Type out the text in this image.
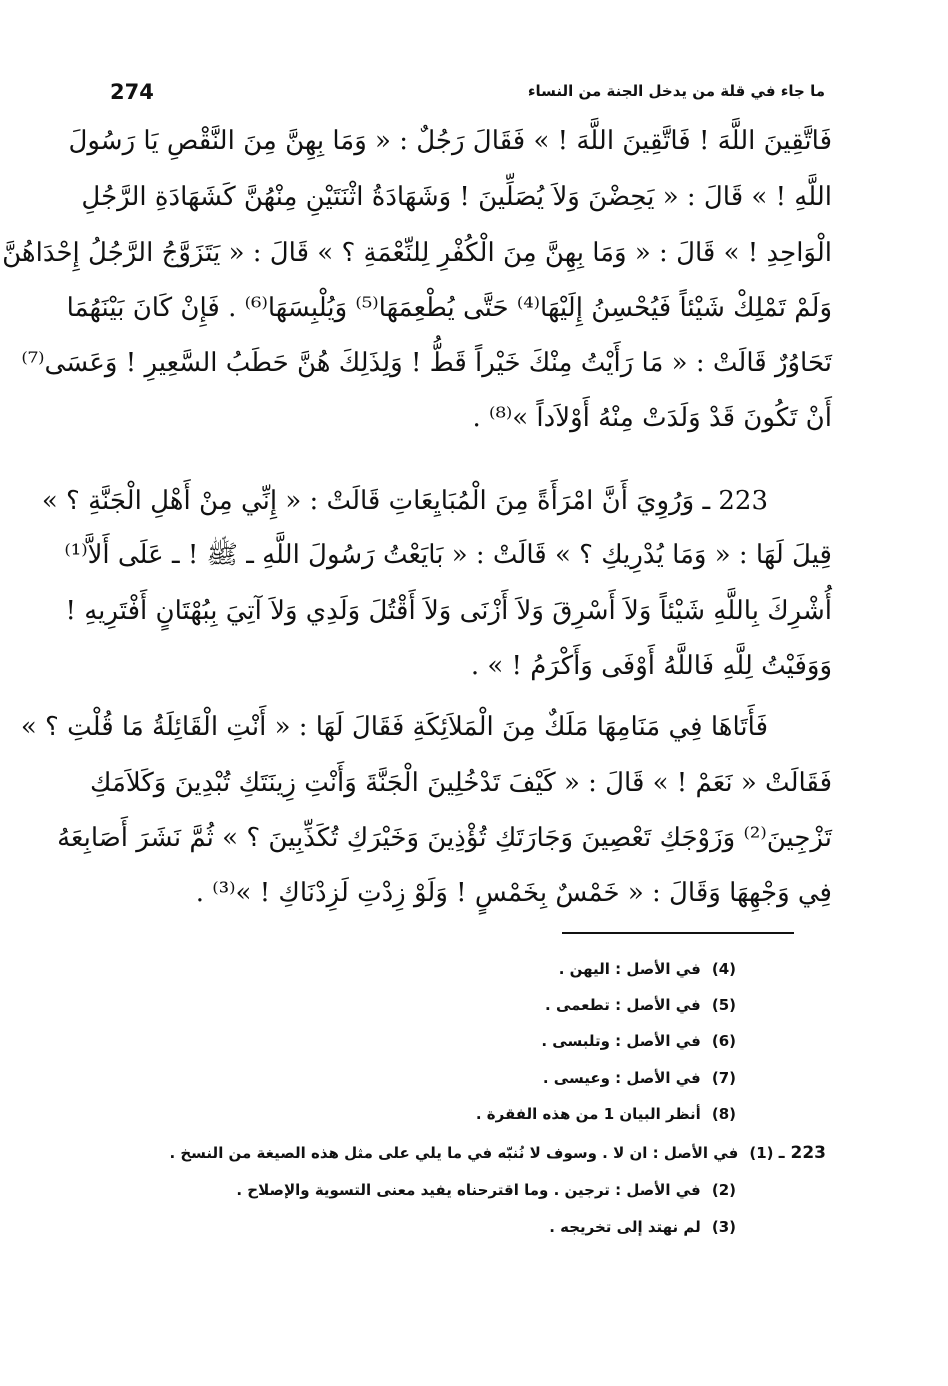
274	ما جاء في قلة من يدخل الجنة من النساء
فَاتَّقِينَ اللَّهَ ! فَاتَّقِينَ اللَّهَ ! » فَقَالَ رَجُلٌ : « وَمَا بِهِنَّ مِنَ النَّقْصِ يَا رَسُولَ
اللَّهِ ! » قَالَ : « يَحِضْنَ وَلاَ يُصَلِّينَ ! وَشَهَادَةُ اثْنَتَيْنِ مِنْهُنَّ كَشَهَادَةِ الرَّجُلِ
الْوَاحِدِ ! » قَالَ : « وَمَا بِهِنَّ مِنَ الْكُفْرِ لِلنِّعْمَةِ ؟ » قَالَ : « يَتَزَوَّجُ الرَّجُلُ إِحْدَاهُنَّ
وَلَمْ تَمْلِكْ شَيْئاً فَيُحْسِنُ إِلَيْهَا⁽⁴⁾ حَتَّى يُطْعِمَهَا⁽⁵⁾ وَيُلْبِسَهَا⁽⁶⁾ . فَإِنْ كَانَ بَيْنَهُمَا
تَحَاوُرٌ قَالَتْ : « مَا رَأَيْتُ مِنْكَ خَيْراً قَطُّ ! وَلِذَلِكَ هُنَّ حَطَبُ السَّعِيرِ ! وَعَسَى⁽⁷⁾
أَنْ تَكُونَ قَدْ وَلَدَتْ مِنْهُ أَوْلاَداً »⁽⁸⁾ .
223 ـ وَرُوِيَ أَنَّ امْرَأَةً مِنَ الْمُبَايِعَاتِ قَالَتْ : « إِنِّي مِنْ أَهْلِ الْجَنَّةِ ؟ »
قِيلَ لَهَا : « وَمَا يُدْرِيكِ ؟ » قَالَتْ : « بَايَعْتُ رَسُولَ اللَّهِ ـ ﷺ ! ـ عَلَى أَلاَّ⁽¹⁾
أُشْرِكَ بِاللَّهِ شَيْئاً وَلاَ أَسْرِقَ وَلاَ أَزْنَى وَلاَ أَقْتُلَ وَلَدِي وَلاَ آتِيَ بِبُهْتَانٍ أَفْتَرِيهِ !
وَوَفَيْتُ لِلَّهِ فَاللَّهُ أَوْفَى وَأَكْرَمُ ! » .
فَأَتَاهَا فِي مَنَامِهَا مَلَكٌ مِنَ الْمَلاَئِكَةِ فَقَالَ لَهَا : « أَنْتِ الْقَائِلَةُ مَا قُلْتِ ؟ »
فَقَالَتْ « نَعَمْ ! » قَالَ : « كَيْفَ تَدْخُلِينَ الْجَنَّةَ وَأَنْتِ زِينَتَكِ تُبْدِينَ وَكَلاَمَكِ
تَزْجِينَ⁽²⁾ وَزَوْجَكِ تَعْصِينَ وَجَارَتَكِ تُؤْذِينَ وَخَيْرَكِ تُكَذِّبِينَ ؟ » ثُمَّ نَشَرَ أَصَابِعَهُ
فِي وَجْهِهَا وَقَالَ : « خَمْسٌ بِخَمْسٍ ! وَلَوْ زِدْتِ لَزِدْنَاكِ ! »⁽³⁾ .
(4) في الأصل : اليهن .
(5) في الأصل : تطعمى .
(6) في الأصل : وتلبسى .
(7) في الأصل : وعيسى .
(8) أنظر البيان 1 من هذه الفقرة .
223 ـ (1) في الأصل : ان لا . وسوف لا نُنبّه في ما يلي على مثل هذه الصيغة من النسخ .
(2) في الأصل : ترجين . وما اقترحناه يفيد معنى التسوية والإصلاح .
(3) لم نهتد إلى تخريجه .
